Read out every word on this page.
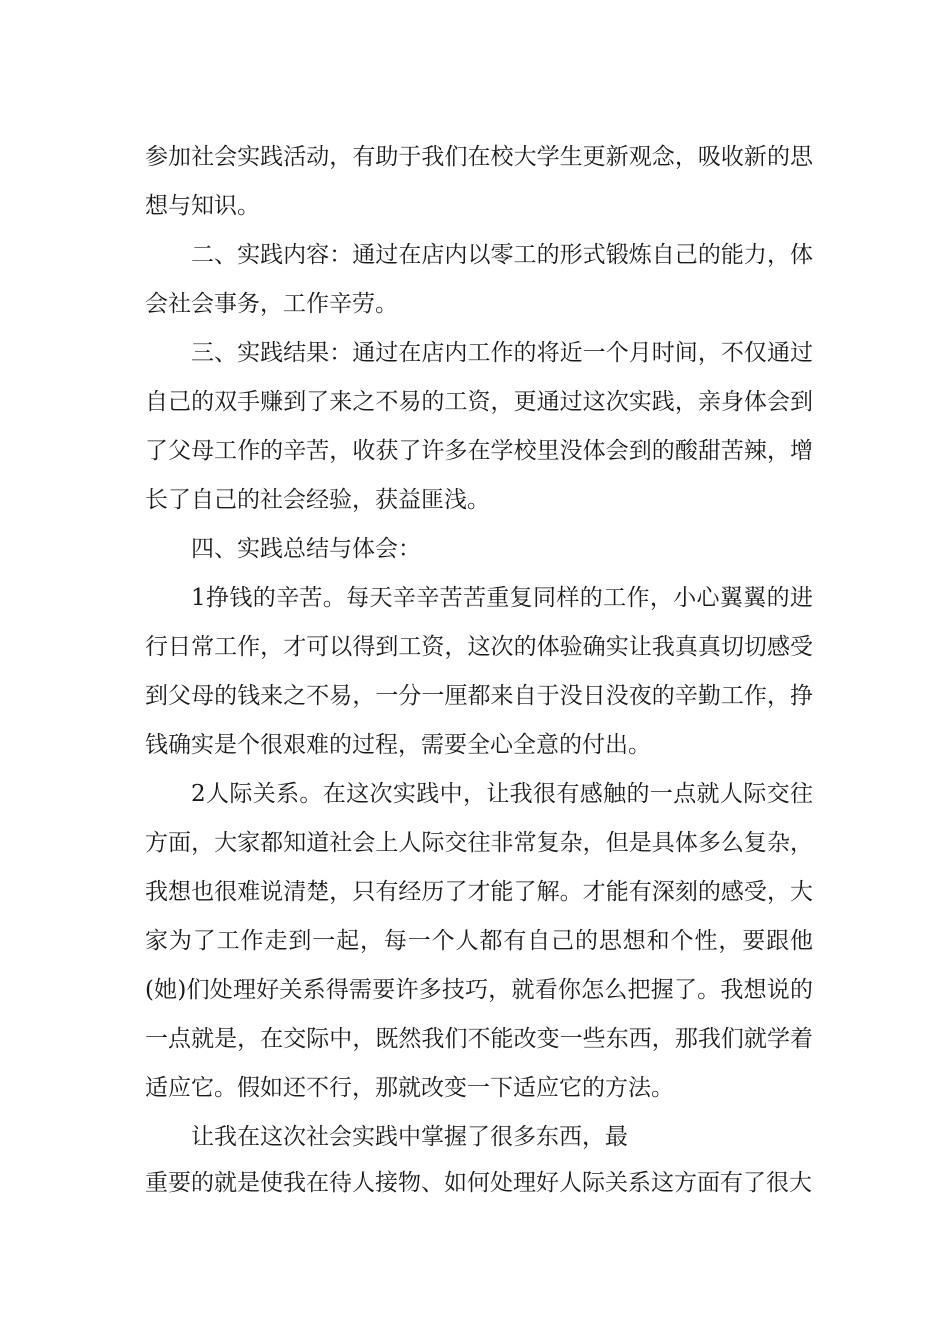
参加社会实践活动，有助于我们在校大学生更新观念，吸收新的思想与知识。

二、实践内容：通过在店内以零工的形式锻炼自己的能力，体会社会事务，工作辛劳。

三、实践结果：通过在店内工作的将近一个月时间，不仅通过自己的双手赚到了来之不易的工资，更通过这次实践，亲身体会到了父母工作的辛苦，收获了许多在学校里没体会到的酸甜苦辣，增长了自己的社会经验，获益匪浅。

四、实践总结与体会：

1挣钱的辛苦。每天辛辛苦苦重复同样的工作，小心翼翼的进行日常工作，才可以得到工资，这次的体验确实让我真真切切感受到父母的钱来之不易，一分一厘都来自于没日没夜的辛勤工作，挣钱确实是个很艰难的过程，需要全心全意的付出。

2人际关系。在这次实践中，让我很有感触的一点就人际交往方面，大家都知道社会上人际交往非常复杂，但是具体多么复杂，我想也很难说清楚，只有经历了才能了解。才能有深刻的感受，大家为了工作走到一起，每一个人都有自己的思想和个性，要跟他(她)们处理好关系得需要许多技巧，就看你怎么把握了。我想说的一点就是，在交际中，既然我们不能改变一些东西，那我们就学着适应它。假如还不行，那就改变一下适应它的方法。

让我在这次社会实践中掌握了很多东西，最

重要的就是使我在待人接物、如何处理好人际关系这方面有了很大
